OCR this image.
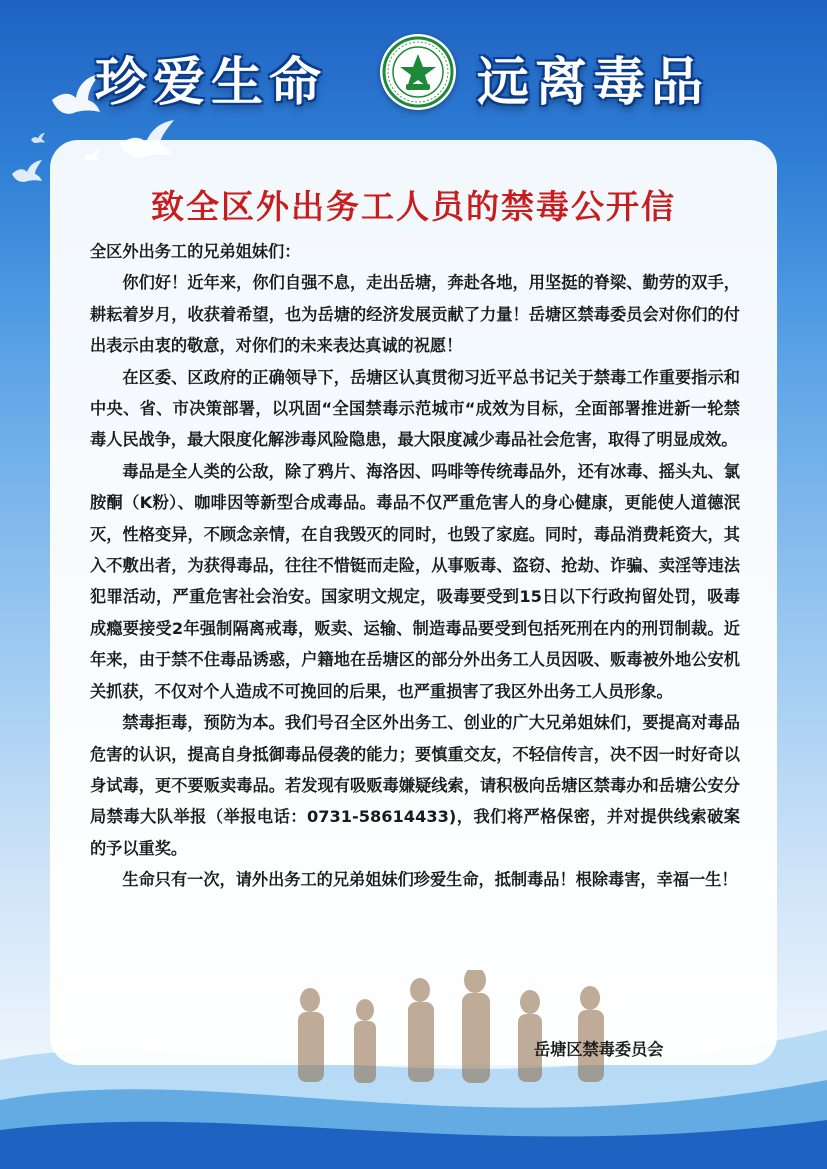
珍爱生命	远离毒品
致全区外出务工人员的禁毒公开信

全区外出务工的兄弟姐妹们：

你们好！近年来，你们自强不息，走出岳塘，奔赴各地，用坚挺的脊梁、勤劳的双手，耕耘着岁月，收获着希望，也为岳塘的经济发展贡献了力量！岳塘区禁毒委员会对你们的付出表示由衷的敬意，对你们的未来表达真诚的祝愿！

在区委、区政府的正确领导下，岳塘区认真贯彻习近平总书记关于禁毒工作重要指示和中央、省、市决策部署，以巩固“全国禁毒示范城市“成效为目标，全面部署推进新一轮禁毒人民战争，最大限度化解涉毒风险隐患，最大限度减少毒品社会危害，取得了明显成效。

毒品是全人类的公敌，除了鸦片、海洛因、吗啡等传统毒品外，还有冰毒、摇头丸、氯胺酮（K粉）、咖啡因等新型合成毒品。毒品不仅严重危害人的身心健康，更能使人道德泯灭，性格变异，不顾念亲情，在自我毁灭的同时，也毁了家庭。同时，毒品消费耗资大，其入不敷出者，为获得毒品，往往不惜铤而走险，从事贩毒、盗窃、抢劫、诈骗、卖淫等违法犯罪活动，严重危害社会治安。国家明文规定，吸毒要受到15日以下行政拘留处罚，吸毒成瘾要接受2年强制隔离戒毒，贩卖、运输、制造毒品要受到包括死刑在内的刑罚制裁。近年来，由于禁不住毒品诱惑，户籍地在岳塘区的部分外出务工人员因吸、贩毒被外地公安机关抓获，不仅对个人造成不可挽回的后果，也严重损害了我区外出务工人员形象。

禁毒拒毒，预防为本。我们号召全区外出务工、创业的广大兄弟姐妹们，要提高对毒品危害的认识，提高自身抵御毒品侵袭的能力；要慎重交友，不轻信传言，决不因一时好奇以身试毒，更不要贩卖毒品。若发现有吸贩毒嫌疑线索，请积极向岳塘区禁毒办和岳塘公安分局禁毒大队举报（举报电话：0731-58614433)，我们将严格保密，并对提供线索破案的予以重奖。

生命只有一次，请外出务工的兄弟姐妹们珍爱生命，抵制毒品！根除毒害，幸福一生！

岳塘区禁毒委员会
